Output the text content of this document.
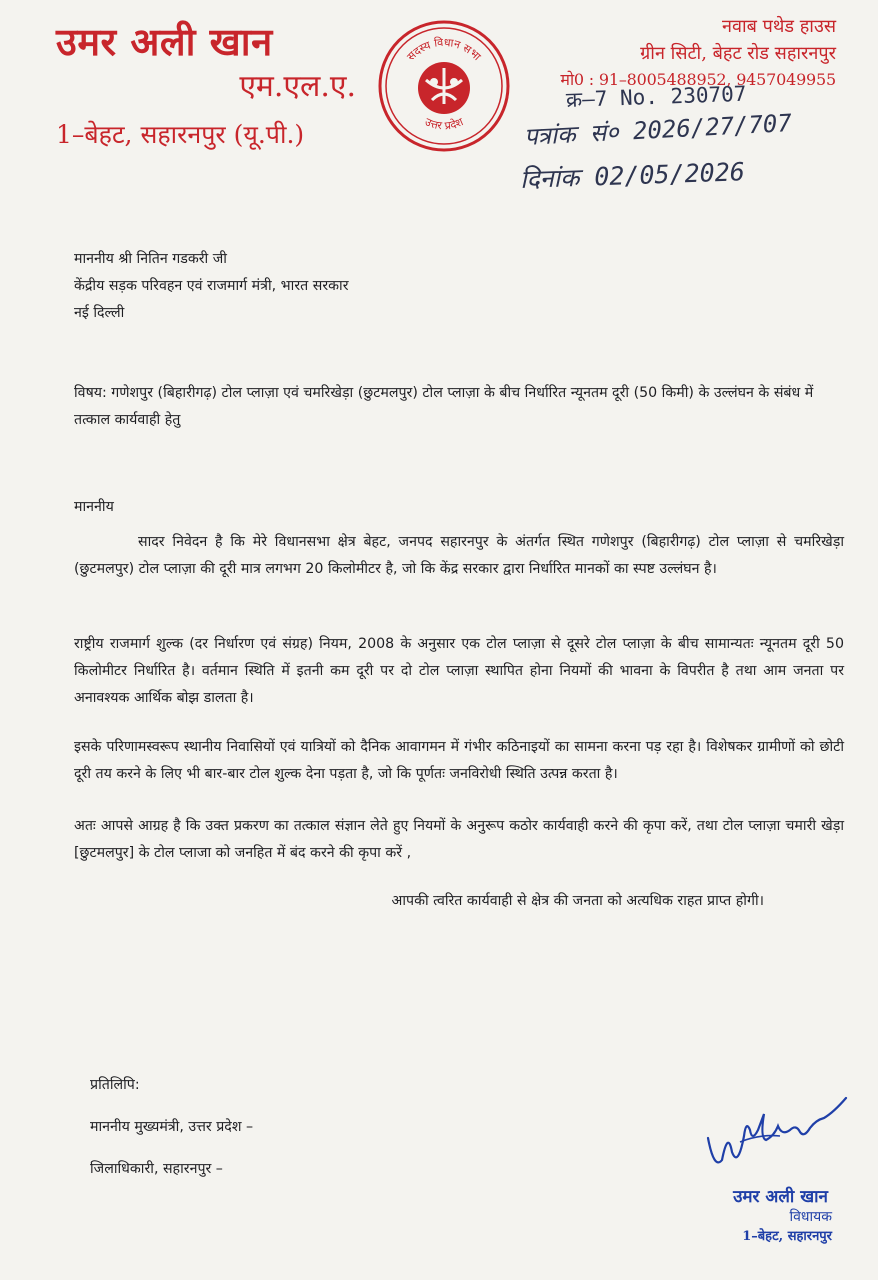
उमर अली खान
एम.एल.ए.
1–बेहट, सहारनपुर (यू.पी.)
सदस्य विधान सभा
उत्तर प्रदेश
नवाब पथेड हाउस
ग्रीन सिटी, बेहट रोड सहारनपुर
मो0 : 91–8005488952, 9457049955
क्र–7 No. 230707
पत्रांक सं० 2026/27/707
दिनांक 02/05/2026
माननीय श्री नितिन गडकरी जी
केंद्रीय सड़क परिवहन एवं राजमार्ग मंत्री, भारत सरकार
नई दिल्ली
विषय: गणेशपुर (बिहारीगढ़) टोल प्लाज़ा एवं चमरिखेड़ा (छुटमलपुर) टोल प्लाज़ा के बीच निर्धारित न्यूनतम दूरी (50 किमी) के उल्लंघन के संबंध में तत्काल कार्यवाही हेतु
माननीय
सादर निवेदन है कि मेरे विधानसभा क्षेत्र बेहट, जनपद सहारनपुर के अंतर्गत स्थित गणेशपुर (बिहारीगढ़) टोल प्लाज़ा से चमरिखेड़ा (छुटमलपुर) टोल प्लाज़ा की दूरी मात्र लगभग 20 किलोमीटर है, जो कि केंद्र सरकार द्वारा निर्धारित मानकों का स्पष्ट उल्लंघन है।
राष्ट्रीय राजमार्ग शुल्क (दर निर्धारण एवं संग्रह) नियम, 2008 के अनुसार एक टोल प्लाज़ा से दूसरे टोल प्लाज़ा के बीच सामान्यतः न्यूनतम दूरी 50 किलोमीटर निर्धारित है। वर्तमान स्थिति में इतनी कम दूरी पर दो टोल प्लाज़ा स्थापित होना नियमों की भावना के विपरीत है तथा आम जनता पर अनावश्यक आर्थिक बोझ डालता है।
इसके परिणामस्वरूप स्थानीय निवासियों एवं यात्रियों को दैनिक आवागमन में गंभीर कठिनाइयों का सामना करना पड़ रहा है। विशेषकर ग्रामीणों को छोटी दूरी तय करने के लिए भी बार-बार टोल शुल्क देना पड़ता है, जो कि पूर्णतः जनविरोधी स्थिति उत्पन्न करता है।
अतः आपसे आग्रह है कि उक्त प्रकरण का तत्काल संज्ञान लेते हुए नियमों के अनुरूप कठोर कार्यवाही करने की कृपा करें, तथा टोल प्लाज़ा चमारी खेड़ा [छुटमलपुर] के टोल प्लाजा को जनहित में बंद करने की कृपा करें ,
आपकी त्वरित कार्यवाही से क्षेत्र की जनता को अत्यधिक राहत प्राप्त होगी।
प्रतिलिपि:
माननीय मुख्यमंत्री, उत्तर प्रदेश –
जिलाधिकारी, सहारनपुर –
उमर अली खान
विधायक
1–बेहट, सहारनपुर
